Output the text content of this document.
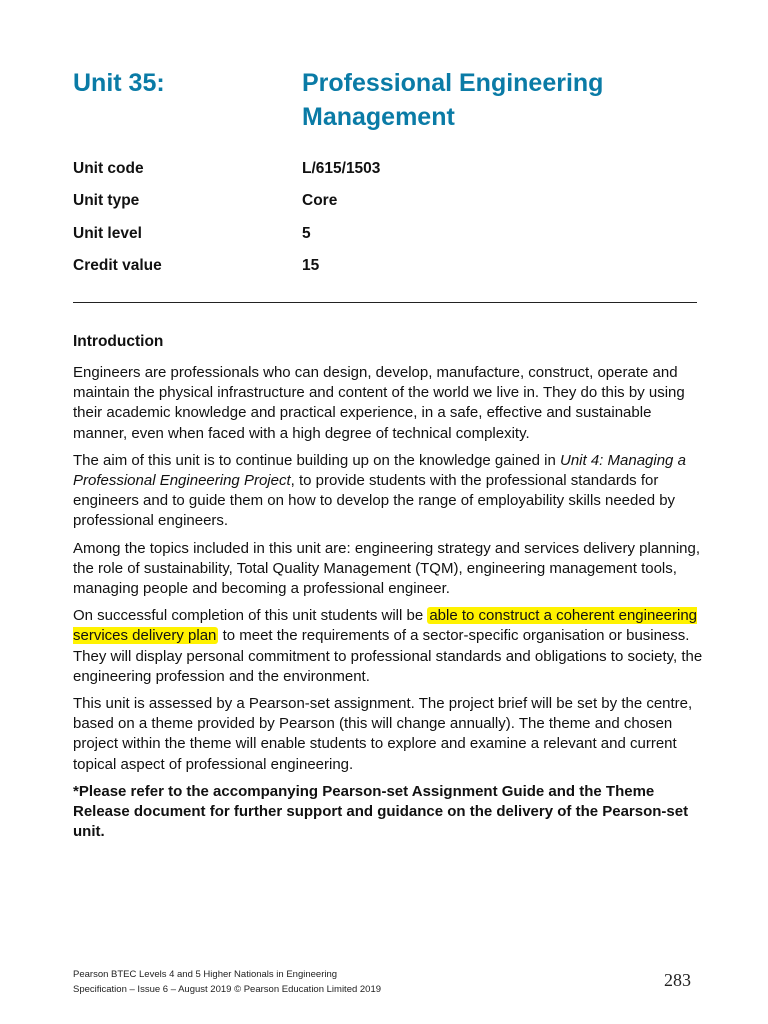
Unit 35:	Professional Engineering
Management
Unit code	L/615/1503
Unit type	Core
Unit level	5
Credit value	15
Introduction

Engineers are professionals who can design, develop, manufacture, construct, operate and maintain the physical infrastructure and content of the world we live in. They do this by using their academic knowledge and practical experience, in a safe, effective and sustainable manner, even when faced with a high degree of technical complexity.

The aim of this unit is to continue building up on the knowledge gained in Unit 4: Managing a Professional Engineering Project, to provide students with the professional standards for engineers and to guide them on how to develop the range of employability skills needed by professional engineers.

Among the topics included in this unit are: engineering strategy and services delivery planning, the role of sustainability, Total Quality Management (TQM), engineering management tools, managing people and becoming a professional engineer.

On successful completion of this unit students will be able to construct a coherent engineering services delivery plan to meet the requirements of a sector-specific organisation or business. They will display personal commitment to professional standards and obligations to society, the engineering profession and the environment.

This unit is assessed by a Pearson-set assignment. The project brief will be set by the centre, based on a theme provided by Pearson (this will change annually). The theme and chosen project within the theme will enable students to explore and examine a relevant and current topical aspect of professional engineering.

*Please refer to the accompanying Pearson-set Assignment Guide and the Theme Release document for further support and guidance on the delivery of the Pearson-set unit.

Pearson BTEC Levels 4 and 5 Higher Nationals in Engineering
Specification – Issue 6 – August 2019 © Pearson Education Limited 2019	283
